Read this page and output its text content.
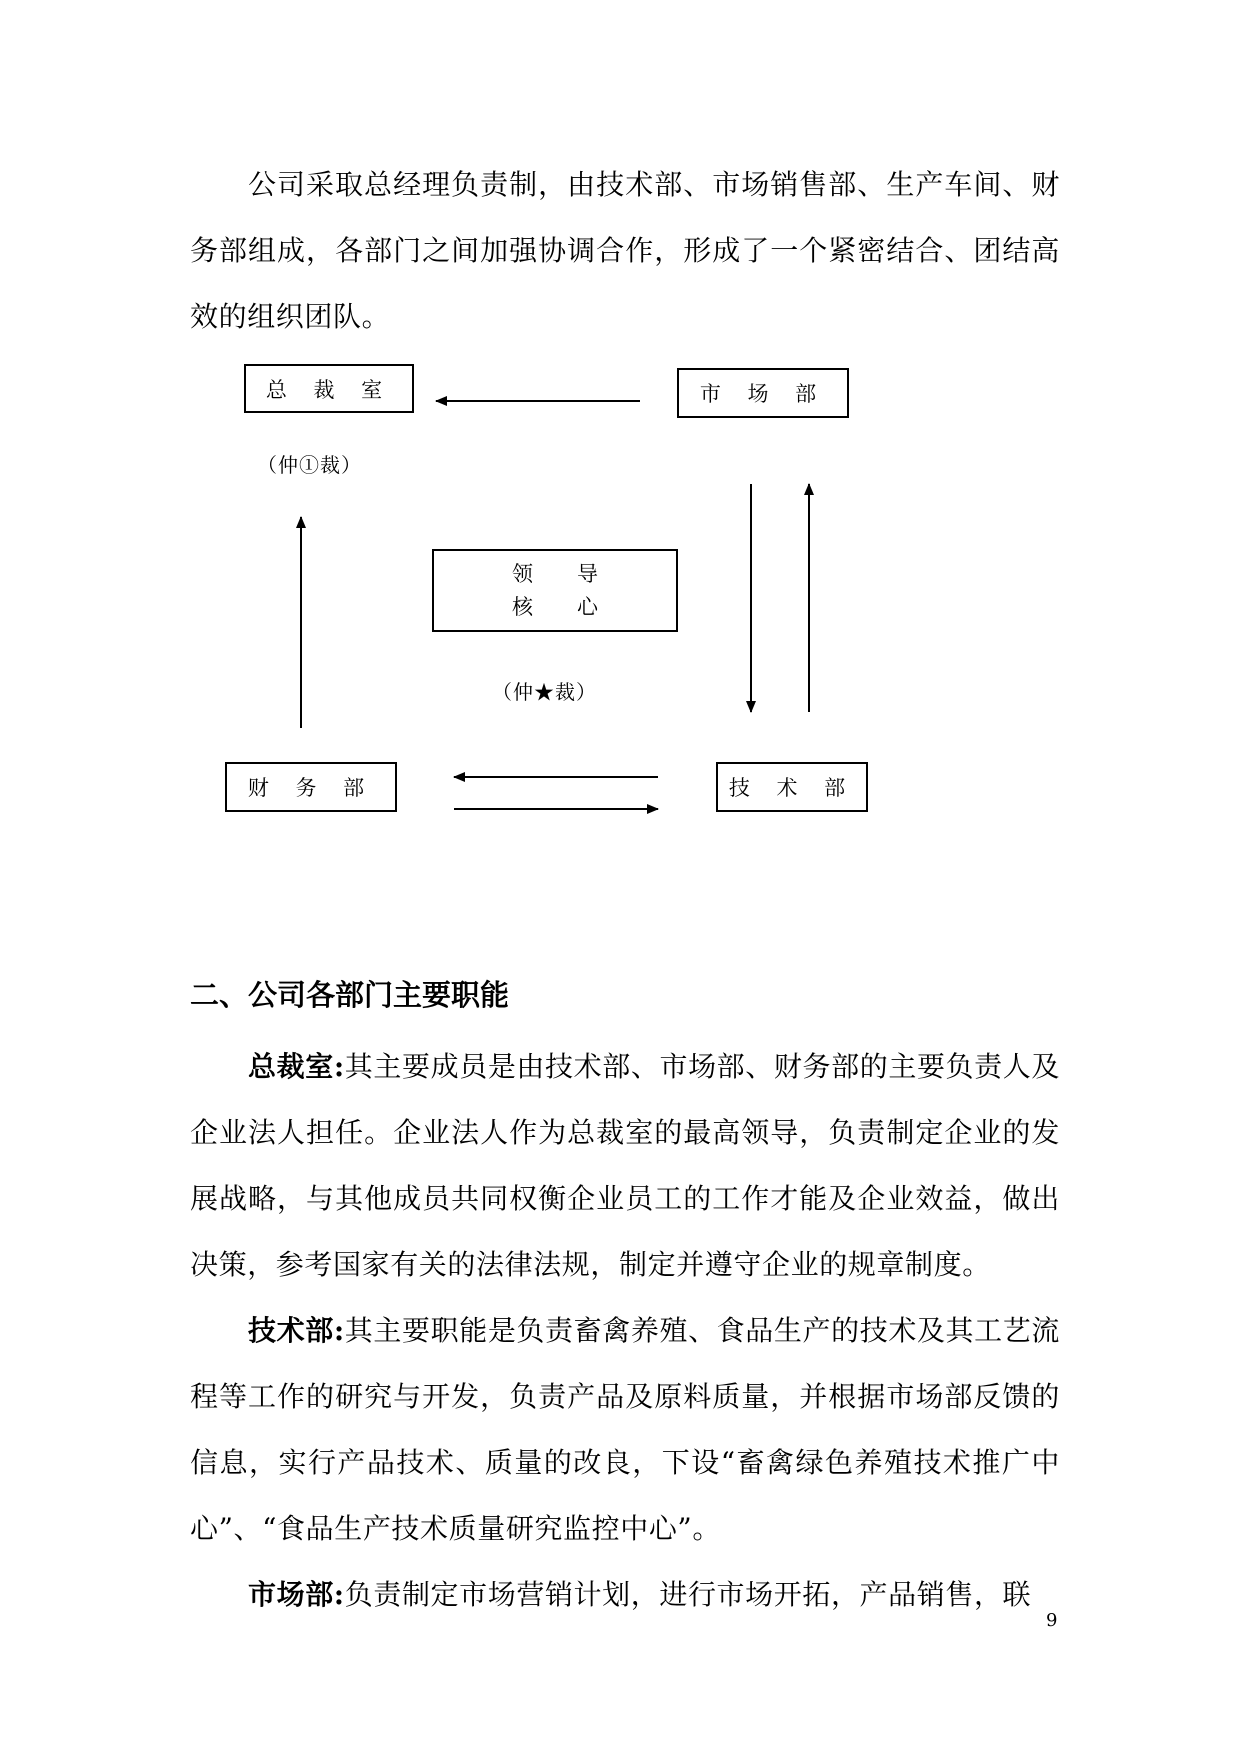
公司采取总经理负责制，由技术部、市场销售部、生产车间、财务部组成，各部门之间加强协调合作，形成了一个紧密结合、团结高效的组织团队。

总 裁 室
（仲①裁）
市 场 部
领 导
核 心
（仲★裁）
财 务 部	技 术 部
二、公司各部门主要职能

总裁室:其主要成员是由技术部、市场部、财务部的主要负责人及企业法人担任。企业法人作为总裁室的最高领导，负责制定企业的发展战略，与其他成员共同权衡企业员工的工作才能及企业效益，做出决策，参考国家有关的法律法规，制定并遵守企业的规章制度。

技术部:其主要职能是负责畜禽养殖、食品生产的技术及其工艺流程等工作的研究与开发，负责产品及原料质量，并根据市场部反馈的信息，实行产品技术、质量的改良，下设“畜禽绿色养殖技术推广中心”、“食品生产技术质量研究监控中心”。

市场部:负责制定市场营销计划，进行市场开拓，产品销售，联

9
